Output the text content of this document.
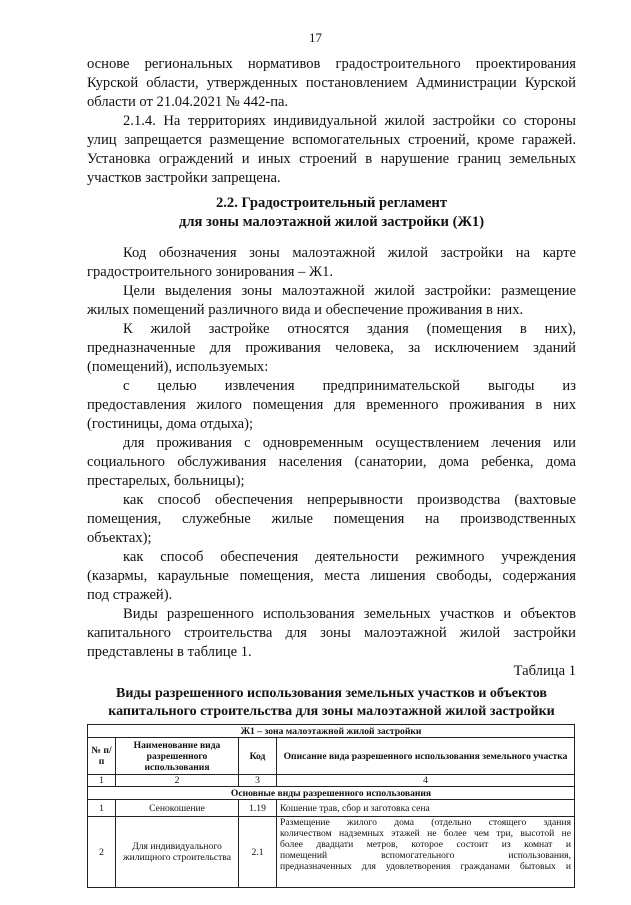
17
основе региональных нормативов градостроительного проектирования
Курской области, утвержденных постановлением Администрации Курской
области от 21.04.2021 № 442-па.
2.1.4. На территориях индивидуальной жилой застройки со стороны
улиц запрещается размещение вспомогательных строений, кроме гаражей.
Установка ограждений и иных строений в нарушение границ земельных
участков застройки запрещена.
2.2. Градостроительный регламент
для зоны малоэтажной жилой застройки (Ж1)
Код обозначения зоны малоэтажной жилой застройки на карте
градостроительного зонирования – Ж1.
Цели выделения зоны малоэтажной жилой застройки: размещение
жилых помещений различного вида и обеспечение проживания в них.
К жилой застройке относятся здания (помещения в них),
предназначенные для проживания человека, за исключением зданий
(помещений), используемых:
с целью извлечения предпринимательской выгоды из
предоставления жилого помещения для временного проживания в них
(гостиницы, дома отдыха);
для проживания с одновременным осуществлением лечения или
социального обслуживания населения (санатории, дома ребенка, дома
престарелых, больницы);
как способ обеспечения непрерывности производства (вахтовые
помещения, служебные жилые помещения на производственных
объектах);
как способ обеспечения деятельности режимного учреждения
(казармы, караульные помещения, места лишения свободы, содержания
под стражей).
Виды разрешенного использования земельных участков и объектов
капитального строительства для зоны малоэтажной жилой застройки
представлены в таблице 1.
Таблица 1
Виды разрешенного использования земельных участков и объектов
капитального строительства для зоны малоэтажной жилой застройки
Ж1 – зона малоэтажной жилой застройки			
№ п/п	Наименование вида разрешенного использования	Код	Описание вида разрешенного использования земельного участка
1	2	3	4
Основные виды разрешенного использования			
1	Сенокошение	1.19	Кошение трав, сбор и заготовка сена
2	Для индивидуального жилищного строительства	2.1	Размещение жилого дома (отдельно стоящего здания
количеством надземных этажей не более чем три, высотой не
более двадцати метров, которое состоит из комнат и
помещений вспомогательного использования,
предназначенных для удовлетворения гражданами бытовых и
